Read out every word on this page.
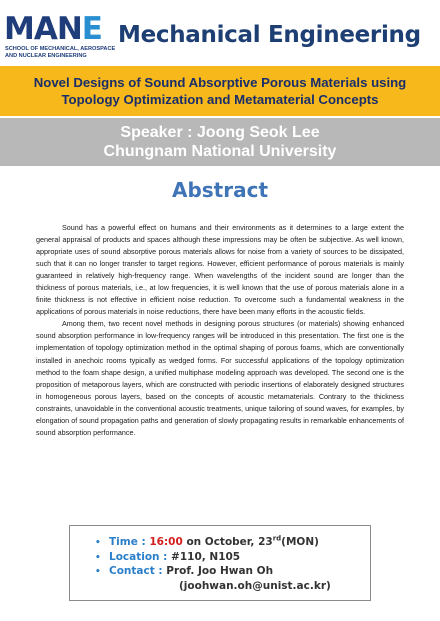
MAN E
SCHOOL OF MECHANICAL, AEROSPACE
AND NUCLEAR ENGINEERING
Mechanical Engineering
Novel Designs of Sound Absorptive Porous Materials using
Topology Optimization and Metamaterial Concepts
Speaker : Joong Seok Lee
Chungnam National University
Abstract

Sound has a powerful effect on humans and their environments as it determines to a large extent the general appraisal of products and spaces although these impressions may be often be subjective. As well known, appropriate uses of sound absorptive porous materials allows for noise from a variety of sources to be dissipated, such that it can no longer transfer to target regions. However, efficient performance of porous materials is mainly guaranteed in relatively high-frequency range. When wavelengths of the incident sound are longer than the thickness of porous materials, i.e., at low frequencies, it is well known that the use of porous materials alone in a finite thickness is not effective in efficient noise reduction. To overcome such a fundamental weakness in the applications of porous materials in noise reductions, there have been many efforts in the acoustic fields.

Among them, two recent novel methods in designing porous structures (or materials) showing enhanced sound absorption performance in low-frequency ranges will be introduced in this presentation. The first one is the implementation of topology optimization method in the optimal shaping of porous foams, which are conventionally installed in anechoic rooms typically as wedged forms. For successful applications of the topology optimization method to the foam shape design, a unified multiphase modeling approach was developed. The second one is the proposition of metaporous layers, which are constructed with periodic insertions of elaborately designed structures in homogeneous porous layers, based on the concepts of acoustic metamaterials. Contrary to the thickness constraints, unavoidable in the conventional acoustic treatments, unique tailoring of sound waves, for examples, by elongation of sound propagation paths and generation of slowly propagating results in remarkable enhancements of sound absorption performance.

• Time : 16:00 on October, 23rd(MON)
• Location : #110, N105
• Contact : Prof. Joo Hwan Oh
(joohwan.oh@unist.ac.kr)
